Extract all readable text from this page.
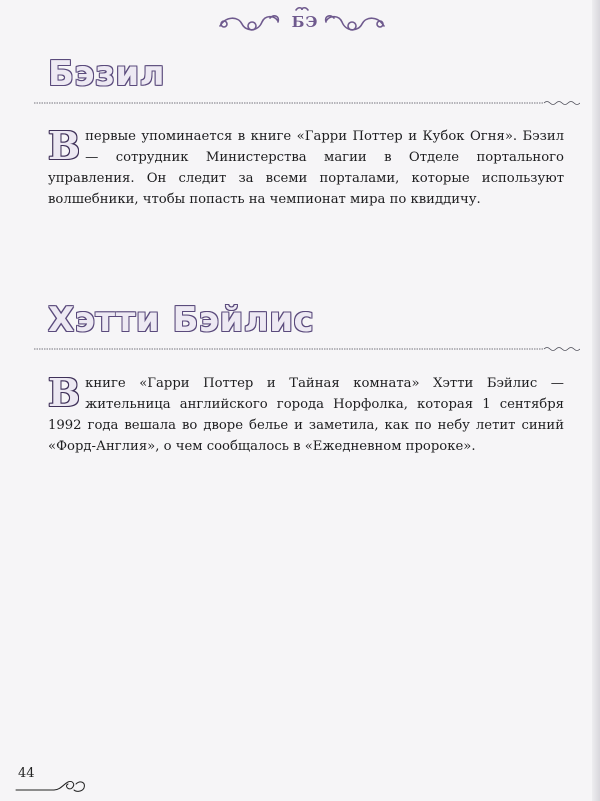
БЭ
Бэзил

Впервые упоминается в книге «Гарри Поттер и Кубок Огня». Бэзил — сотрудник Министерства магии в Отделе портального управления. Он следит за всеми порталами, которые используют волшебники, чтобы попасть на чемпионат мира по квиддичу.

Хэтти Бэйлис

Вкниге «Гарри Поттер и Тайная комната» Хэтти Бэйлис — жительница английского города Норфолка, которая 1 сентября 1992 года вешала во дворе белье и заметила, как по небу летит синий «Форд-Англия», о чем сообщалось в «Ежедневном пророке».

44
